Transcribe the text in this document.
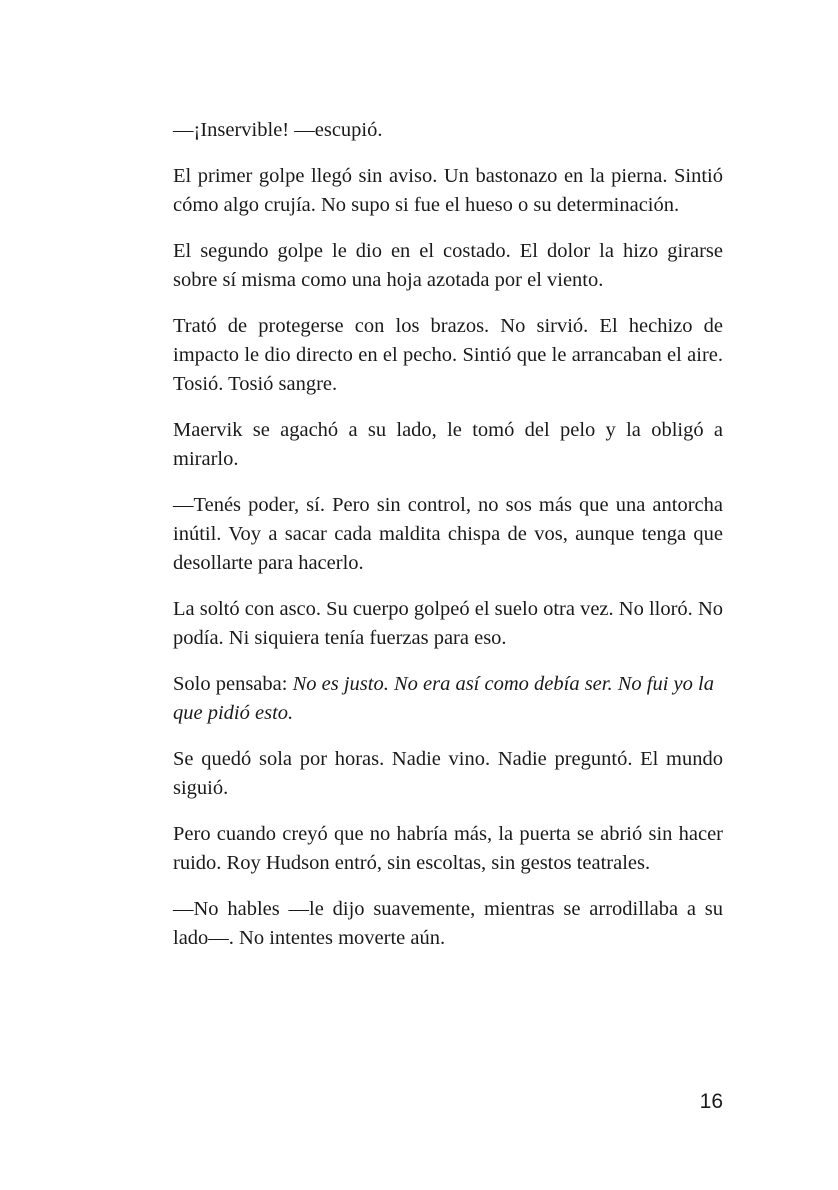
—¡Inservible! —escupió.

El primer golpe llegó sin aviso. Un bastonazo en la pierna. Sintió cómo algo crujía. No supo si fue el hueso o su determinación.

El segundo golpe le dio en el costado. El dolor la hizo girarse sobre sí misma como una hoja azotada por el viento.

Trató de protegerse con los brazos. No sirvió. El hechizo de impacto le dio directo en el pecho. Sintió que le arrancaban el aire. Tosió. Tosió sangre.

Maervik se agachó a su lado, le tomó del pelo y la obligó a mirarlo.

—Tenés poder, sí. Pero sin control, no sos más que una antorcha inútil. Voy a sacar cada maldita chispa de vos, aunque tenga que desollarte para hacerlo.

La soltó con asco. Su cuerpo golpeó el suelo otra vez. No lloró. No podía. Ni siquiera tenía fuerzas para eso.

Solo pensaba: No es justo. No era así como debía ser. No fui yo la que pidió esto.

Se quedó sola por horas. Nadie vino. Nadie preguntó. El mundo siguió.

Pero cuando creyó que no habría más, la puerta se abrió sin hacer ruido. Roy Hudson entró, sin escoltas, sin gestos teatrales.

—No hables —le dijo suavemente, mientras se arrodillaba a su lado—. No intentes moverte aún.

16
